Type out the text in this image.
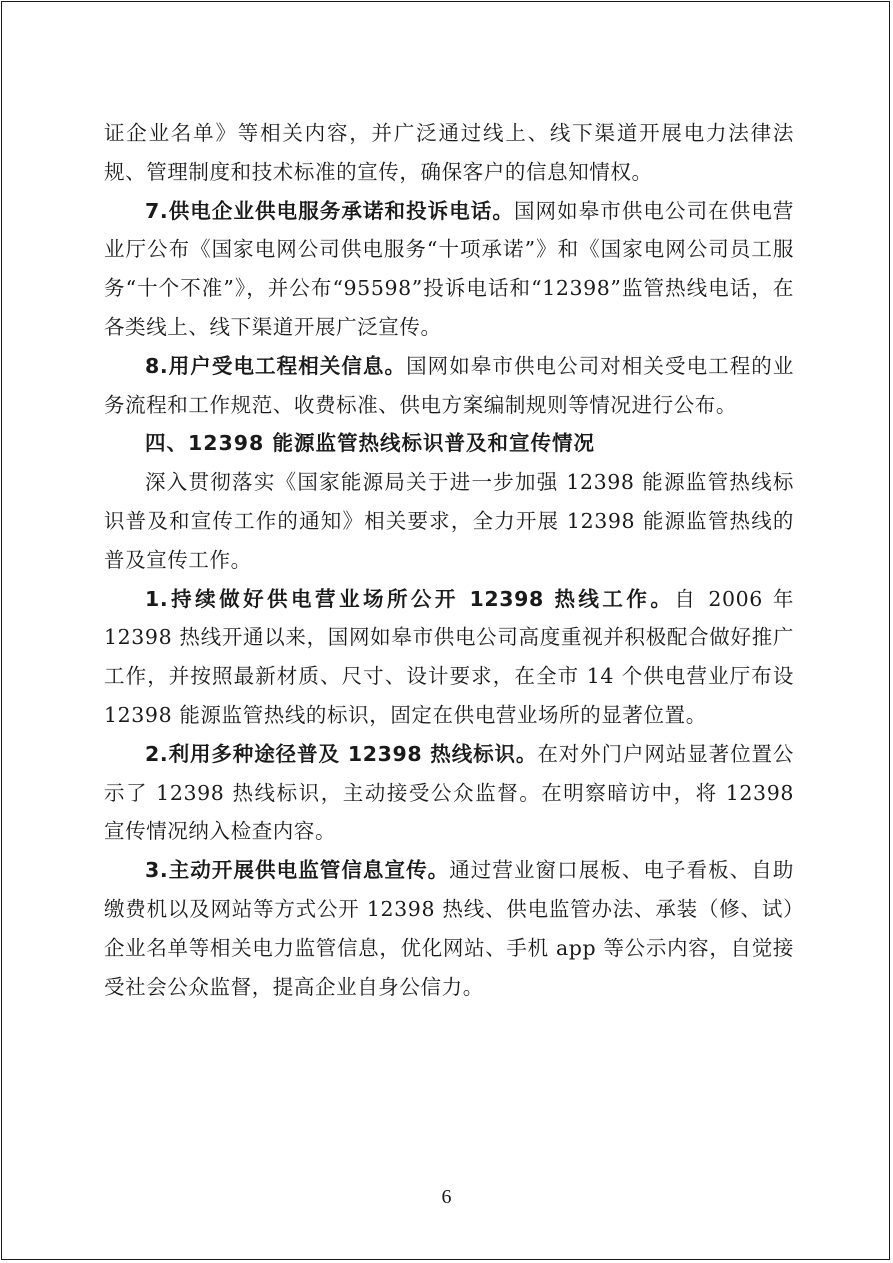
证企业名单》等相关内容，并广泛通过线上、线下渠道开展电力法律法规、管理制度和技术标准的宣传，确保客户的信息知情权。

7.供电企业供电服务承诺和投诉电话。国网如皋市供电公司在供电营业厅公布《国家电网公司供电服务“十项承诺”》和《国家电网公司员工服务“十个不准”》，并公布“95598”投诉电话和“12398”监管热线电话，在各类线上、线下渠道开展广泛宣传。

8.用户受电工程相关信息。国网如皋市供电公司对相关受电工程的业务流程和工作规范、收费标准、供电方案编制规则等情况进行公布。

四、12398 能源监管热线标识普及和宣传情况

深入贯彻落实《国家能源局关于进一步加强 12398 能源监管热线标识普及和宣传工作的通知》相关要求，全力开展 12398 能源监管热线的普及宣传工作。

1.持续做好供电营业场所公开 12398 热线工作。自 2006 年 12398 热线开通以来，国网如皋市供电公司高度重视并积极配合做好推广工作，并按照最新材质、尺寸、设计要求，在全市 14 个供电营业厅布设 12398 能源监管热线的标识，固定在供电营业场所的显著位置。

2.利用多种途径普及 12398 热线标识。在对外门户网站显著位置公示了 12398 热线标识，主动接受公众监督。在明察暗访中，将 12398 宣传情况纳入检查内容。

3.主动开展供电监管信息宣传。通过营业窗口展板、电子看板、自助缴费机以及网站等方式公开 12398 热线、供电监管办法、承装（修、试）企业名单等相关电力监管信息，优化网站、手机 app 等公示内容，自觉接受社会公众监督，提高企业自身公信力。

6
